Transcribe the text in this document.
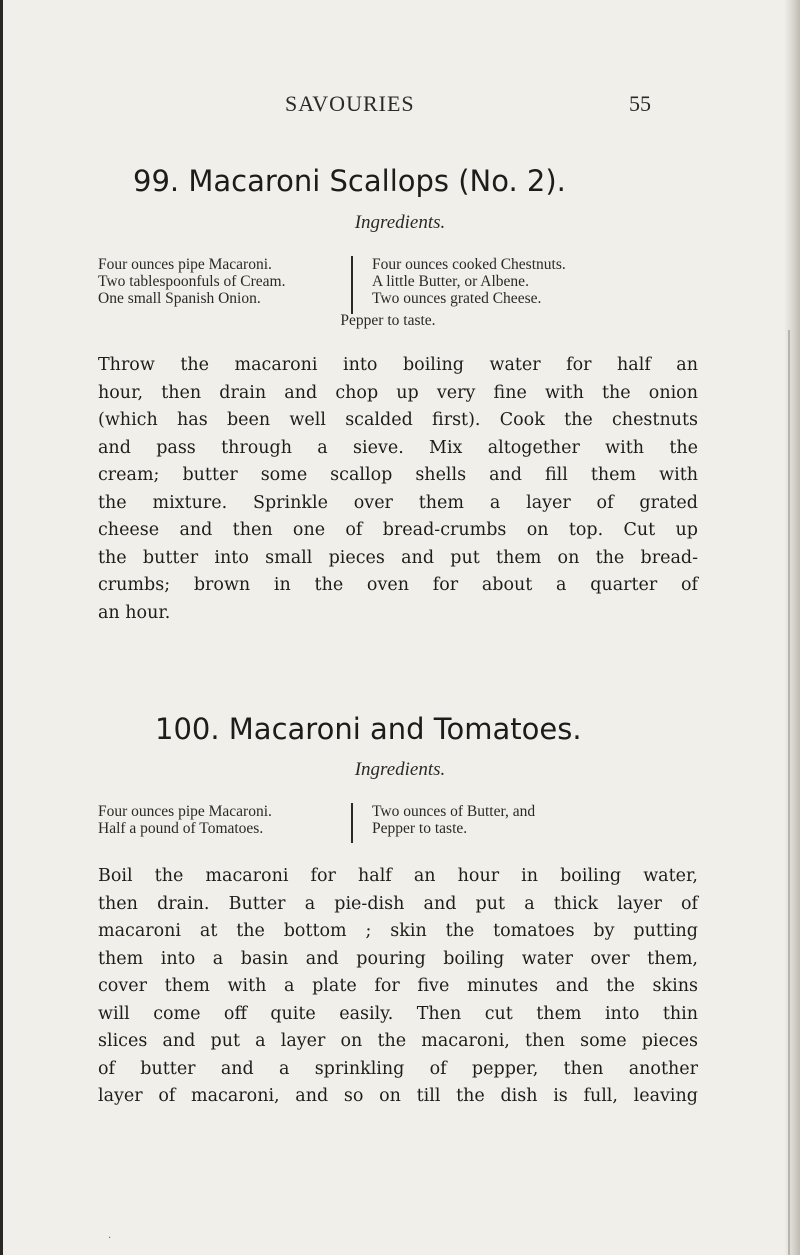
SAVOURIES	55
99. Macaroni Scallops (No. 2).
Ingredients.
Four ounces pipe Macaroni.
Two tablespoonfuls of Cream.
One small Spanish Onion.
Four ounces cooked Chestnuts.
A little Butter, or Albene.
Two ounces grated Cheese.
Pepper to taste.
Throw the macaroni into boiling water for half an
hour, then drain and chop up very fine with the onion
(which has been well scalded first). Cook the chestnuts
and pass through a sieve. Mix altogether with the
cream; butter some scallop shells and fill them with
the mixture. Sprinkle over them a layer of grated
cheese and then one of bread-crumbs on top. Cut up
the butter into small pieces and put them on the bread-
crumbs; brown in the oven for about a quarter of
an hour.
100. Macaroni and Tomatoes.
Ingredients.
Four ounces pipe Macaroni.
Half a pound of Tomatoes.
Two ounces of Butter, and
Pepper to taste.
Boil the macaroni for half an hour in boiling water,
then drain. Butter a pie-dish and put a thick layer of
macaroni at the bottom ; skin the tomatoes by putting
them into a basin and pouring boiling water over them,
cover them with a plate for five minutes and the skins
will come off quite easily. Then cut them into thin
slices and put a layer on the macaroni, then some pieces
of butter and a sprinkling of pepper, then another
layer of macaroni, and so on till the dish is full, leaving
·
